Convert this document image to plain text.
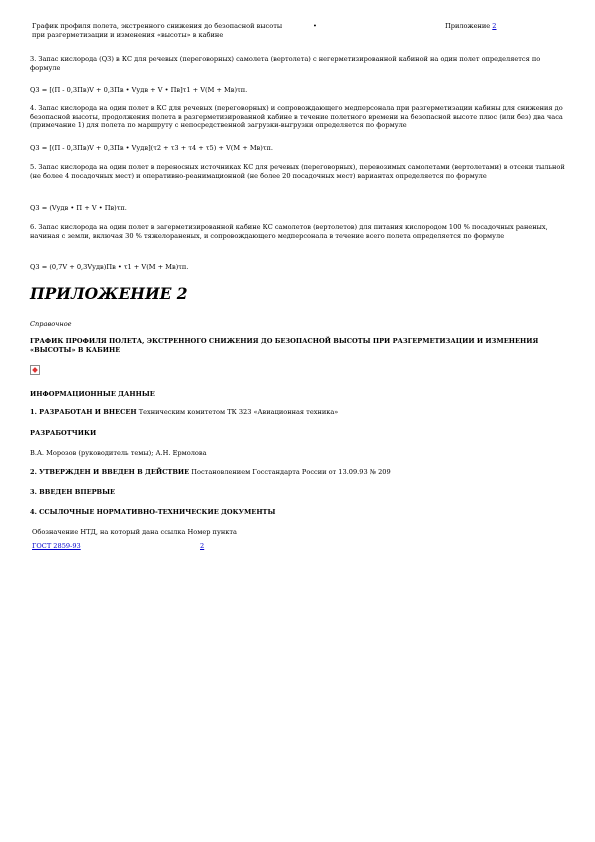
График профиля полета, экстренного снижения до безопасной высоты
при разгерметизации и изменения «высоты» в кабине
•	Приложение 2
3. Запас кислорода (Q3) в КС для речевых (переговорных) самолета (вертолета) с негерметизированной кабиной на один полет определяется по формуле
Q3 = [(П - 0,3Пв)V + 0,3Пв • Vудв + V • Пв]τ1 + V(M + Мв)τп.
4. Запас кислорода на один полет в КС для речевых (переговорных) и сопровождающего медперсонала при разгерметизации кабины для снижения до безопасной высоты, продолжения полета в разгерметизированной кабине в течение полетного времени на безопасной высоте плюс (или без) два часа (примечание 1) для полета по маршруту с непосредственной загрузки-выгрузки определяется по формуле
Q3 = [(П - 0,3Пв)V + 0,3Пв • Vудв](τ2 + τ3 + τ4 + τ5) + V(M + Мв)τп.
5. Запас кислорода на один полет в переносных источниках КС для речевых (переговорных), перевозимых самолетами (вертолетами) в отсеки тыльной (не более 4 посадочных мест) и оперативно-реанимационной (не более 20 посадочных мест) вариантах определяется по формуле
Q3 = (Vудв • П + V • Пв)τп.
6. Запас кислорода на один полет в загерметизированной кабине КС самолетов (вертолетов) для питания кислородом 100 % посадочных раненых, начиная с земли, включая 30 % тяжелораненых, и сопровождающего медперсонала в течение всего полета определяется по формуле
Q3 = (0,7V + 0,3Vудв)Пв • τ1 + V(M + Мв)τп.
ПРИЛОЖЕНИЕ 2
Справочное
ГРАФИК ПРОФИЛЯ ПОЛЕТА, ЭКСТРЕННОГО СНИЖЕНИЯ ДО БЕЗОПАСНОЙ ВЫСОТЫ ПРИ РАЗГЕРМЕТИЗАЦИИ И ИЗМЕНЕНИЯ «ВЫСОТЫ» В КАБИНЕ
ИНФОРМАЦИОННЫЕ ДАННЫЕ
1. РАЗРАБОТАН И ВНЕСЕН Техническим комитетом ТК 323 «Авиационная техника»
РАЗРАБОТЧИКИ
В.А. Морозов (руководитель темы); А.Н. Ермолова
2. УТВЕРЖДЕН И ВВЕДЕН В ДЕЙСТВИЕ Постановлением Госстандарта России от 13.09.93 № 209
3. ВВЕДЕН ВПЕРВЫЕ
4. ССЫЛОЧНЫЕ НОРМАТИВНО-ТЕХНИЧЕСКИЕ ДОКУМЕНТЫ
Обозначение НТД, на который дана ссылка Номер пункта
ГОСТ 2859-93	2
